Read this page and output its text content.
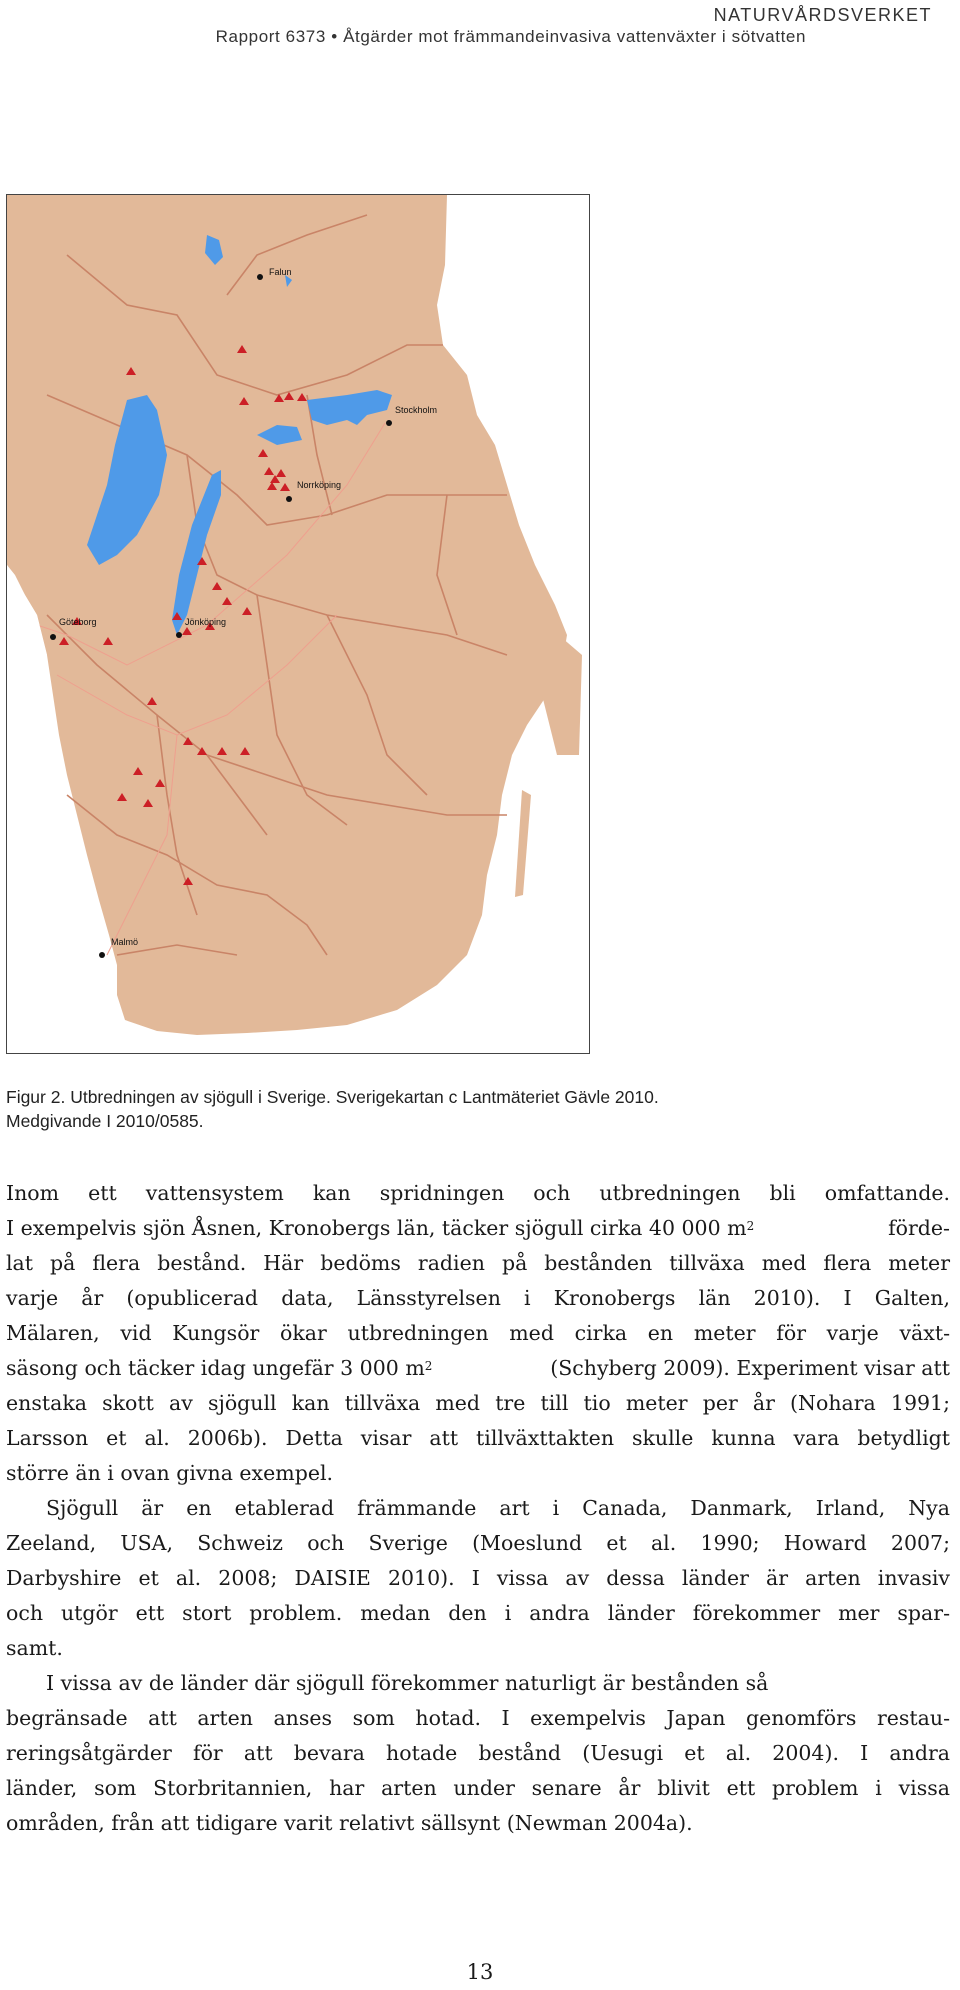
NATURVÅRDSVERKET
Rapport 6373 • Åtgärder mot främmandeinvasiva vattenväxter i sötvatten
Falun
Stockholm
Norrköping
Göteborg	Jönköping
Malmö

Figur 2. Utbredningen av sjögull i Sverige. Sverigekartan c Lantmäteriet Gävle 2010.

Medgivande I 2010/0585.

Inom ett vattensystem kan spridningen och utbredningen bli omfattande.
I exempelvis sjön Åsnen, Kronobergs län, täcker sjögull cirka 40 000 $m^2$	förde-
lat på flera bestånd. Här bedöms radien på bestånden tillväxa med flera meter
varje år (opublicerad data, Länsstyrelsen i Kronobergs län 2010). I Galten,
Mälaren, vid Kungsör ökar utbredningen med cirka en meter för varje växt-
säsong och täcker idag ungefär 3 000 $m^2$	(Schyberg 2009). Experiment visar att
enstaka skott av sjögull kan tillväxa med tre till tio meter per år (Nohara 1991;
Larsson et al. 2006b). Detta visar att tillväxttakten skulle kunna vara betydligt
större än i ovan givna exempel.

Sjögull är en etablerad främmande art i Canada, Danmark, Irland, Nya
Zeeland, USA, Schweiz och Sverige (Moeslund et al. 1990; Howard 2007;
Darbyshire et al. 2008; DAISIE 2010). I vissa av dessa länder är arten invasiv
och utgör ett stort problem. medan den i andra länder förekommer mer spar-
samt.

I vissa av de länder där sjögull förekommer naturligt är bestånden så
begränsade att arten anses som hotad. I exempelvis Japan genomförs restau-
reringsåtgärder för att bevara hotade bestånd (Uesugi et al. 2004). I andra
länder, som Storbritannien, har arten under senare år blivit ett problem i vissa
områden, från att tidigare varit relativt sällsynt (Newman 2004a).

13
